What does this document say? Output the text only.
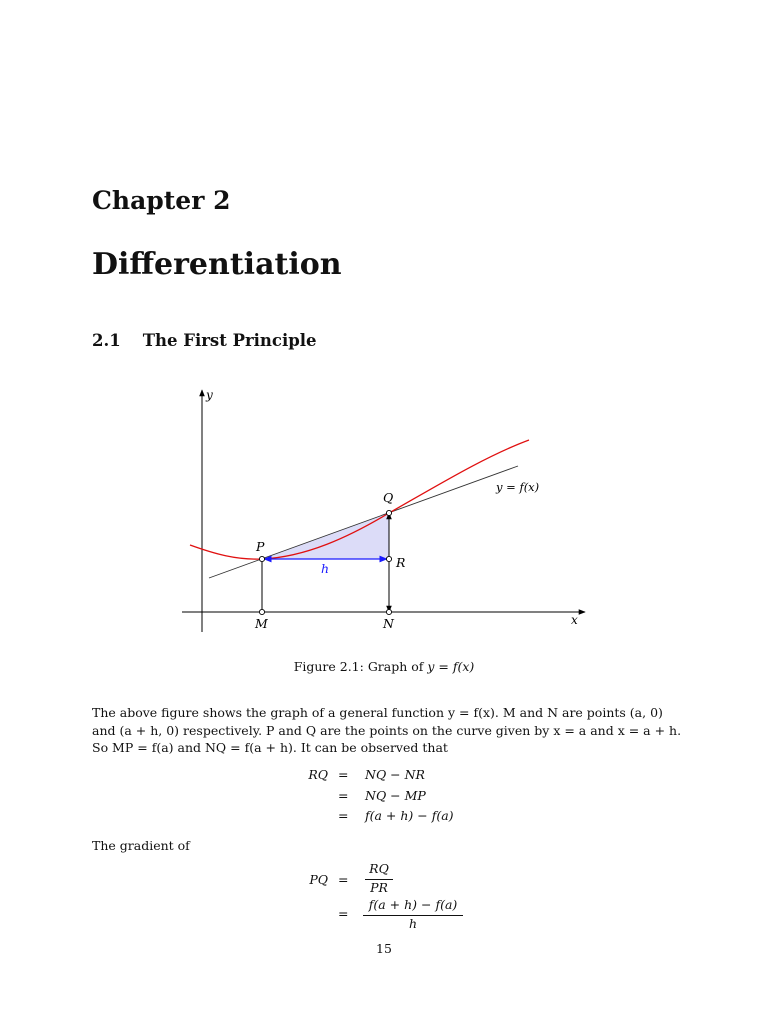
Chapter 2
Differentiation
2.1 The First Principle
y
x
P
Q
R
M	N
h
y = f(x)
Figure 2.1: Graph of y = f(x)
The above figure shows the graph of a general function y = f(x). M and N are points (a, 0)
and (a + h, 0) respectively. P and Q are the points on the curve given by x = a and x = a + h.
So MP = f(a) and NQ = f(a + h). It can be observed that
RQ = NQ − NR
= NQ − MP
= f(a + h) − f(a)
The gradient of
PQ =
RQ
PR
=
f(a + h) − f(a)
h
15
